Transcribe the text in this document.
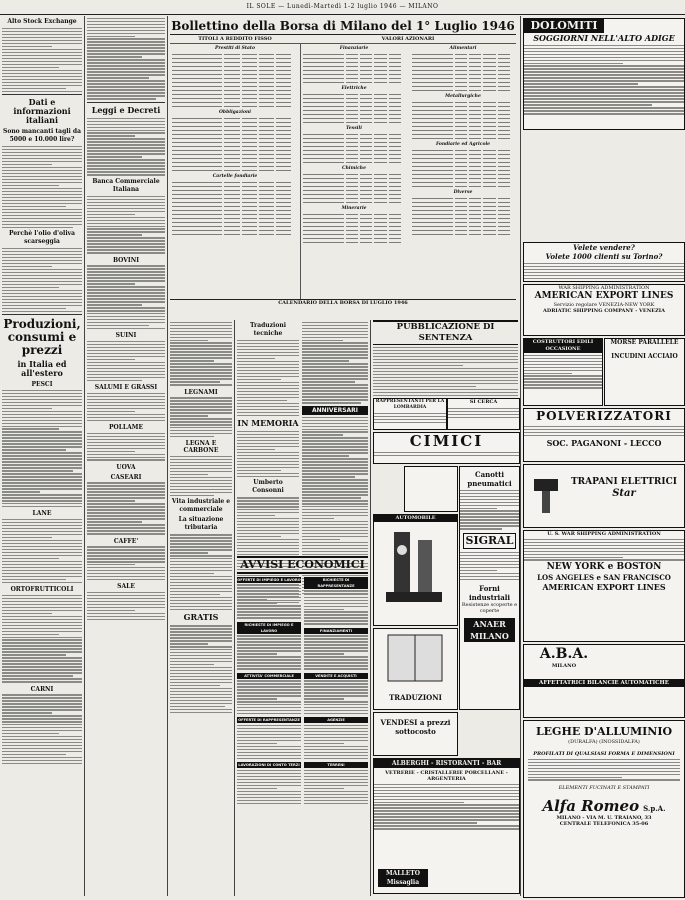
IL SOLE — Lunedì-Martedì 1-2 luglio 1946 — MILANO
Alto Stock Exchange
Dati e informazioni italiani
Sono mancanti tagli da 5000 e 10.000 lire?
Perchè l'olio d'oliva scarseggia
Produzioni, consumi e prezzi
in Italia ed all'estero
PESCI
LANE
ORTOFRUTTICOLI
CARNI
Leggi e Decreti
Banca Commerciale Italiana
BOVINI
SUINI
SALUMI E GRASSI
POLLAME
UOVA
CASEARI
CAFFE'
SALE
Bollettino della Borsa di Milano del 1° Luglio 1946
TITOLI A REDDITO FISSO	VALORI AZIONARI
Prestiti di Stato
Obbligazioni
Cartelle fondiarie
Finanziarie
Elettriche
Tessili
Chimiche
Minerarie
Alimentari
Metallurgiche
Fondiarie ed Agricole
Diverse
CALENDARIO DELLA BORSA DI LUGLIO 1946
LEGNAMI
LEGNA E CARBONE
Vita industriale e commerciale
La situazione tributaria
GRATIS
Traduzioni tecniche
IN MEMORIA
Umberto Consonni
ANNIVERSARI
AVVISI ECONOMICI
OFFERTE DI IMPIEGO E LAVORO
RICHIESTE DI IMPIEGO E LAVORO
ATTIVITA' COMMERCIALE
OFFERTE DI RAPPRESENTANZE
LAVORAZIONI DI CONTO TERZI
RICHIESTE DI RAPPRESENTANZE
FINANZIAMENTI
VENDITE E ACQUISTI
AGENZIE
TERRENI
PUBBLICAZIONE DI SENTENZA
RAPPRESENTANTI PER LA LOMBARDIA
SI CERCA
CIMICI
FUSIONI DI GHISA
AUTOMOBILE
TRADUZIONI
Canotti pneumatici
SIGRAL
Forni industriali
Resistenze scoperte e coperte
ANAER MILANO
VENDESI a prezzi sottocosto
ALBERGHI - RISTORANTI - BAR
VETRERIE - CRISTALLERIE PORCELLANE - ARGENTERIA
MALLETO Missaglia
DOLOMITI
SOGGIORNI NELL'ALTO ADIGE
Velete vendere?
Volete 1000 clienti su Torino?
WAR SHIPPING ADMINISTRATION
AMERICAN EXPORT LINES
Servizio regolare VENEZIA-NEW YORK
ADRIATIC SHIPPING COMPANY - VENEZIA
COSTRUTTORI EDILI OCCASIONE
MORSE PARALLELE
INCUDINI ACCIAIO
POLVERIZZATORI
SOC. PAGANONI - LECCO
TRAPANI ELETTRICI
Star
U. S. WAR SHIPPING ADMINISTRATION
NEW YORK e BOSTON
LOS ANGELES e SAN FRANCISCO
AMERICAN EXPORT LINES
A.B.A.
MILANO
AFFETTATRICI BILANCIE AUTOMATICHE
LEGHE D'ALLUMINIO
(DURALFA) (INOSSIDALFA)
PROFILATI DI QUALSIASI FORMA E DIMENSIONI
ELEMENTI FUCINATI E STAMPATI
Alfa Romeo S.p.A.
MILANO - VIA M. U. TRAIANO, 33
CENTRALE TELEFONICA 35-06
